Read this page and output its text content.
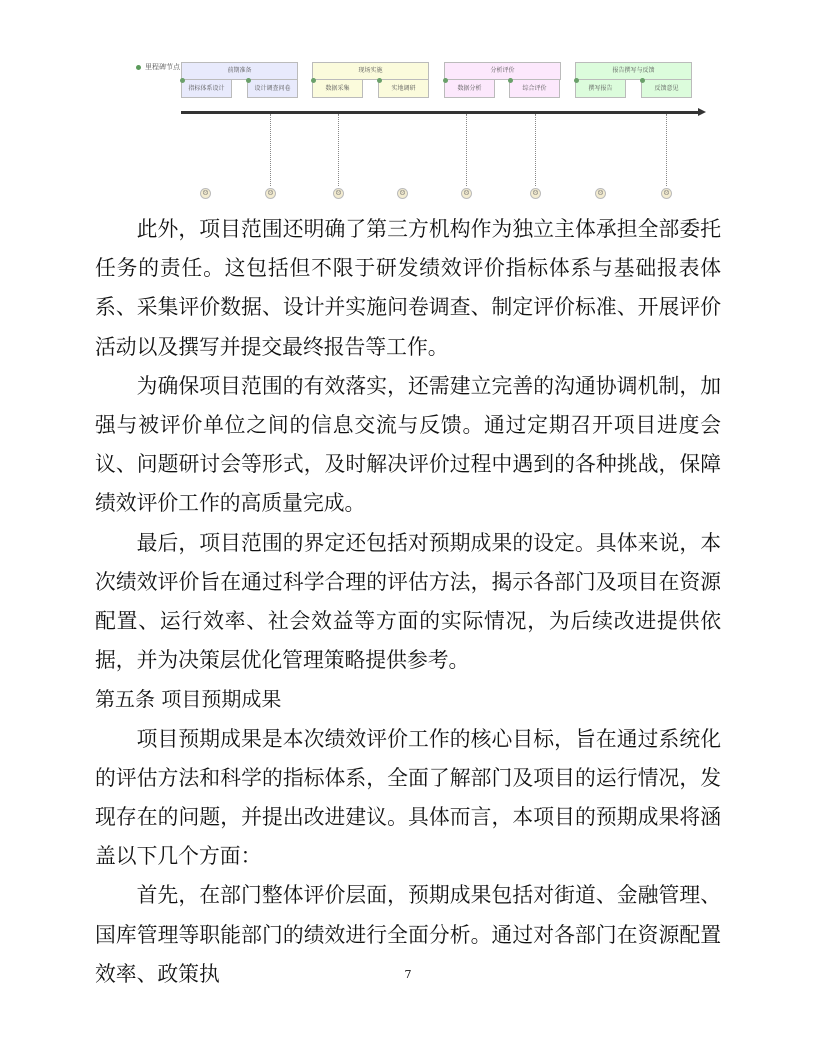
里程碑节点	前期准备
指标体系设计	设计调查问卷
现场实施
数据采集	实地调研
分析评价
数据分析	综合评价
报告撰写与反馈
撰写报告	反馈意见
☹	☹	☹	☹	☹	☹	☹	☹

此外，项目范围还明确了第三方机构作为独立主体承担全部委托任务的责任。这包括但不限于研发绩效评价指标体系与基础报表体系、采集评价数据、设计并实施问卷调查、制定评价标准、开展评价活动以及撰写并提交最终报告等工作。

为确保项目范围的有效落实，还需建立完善的沟通协调机制，加强与被评价单位之间的信息交流与反馈。通过定期召开项目进度会议、问题研讨会等形式，及时解决评价过程中遇到的各种挑战，保障绩效评价工作的高质量完成。

最后，项目范围的界定还包括对预期成果的设定。具体来说，本次绩效评价旨在通过科学合理的评估方法，揭示各部门及项目在资源配置、运行效率、社会效益等方面的实际情况，为后续改进提供依据，并为决策层优化管理策略提供参考。

第五条 项目预期成果

项目预期成果是本次绩效评价工作的核心目标，旨在通过系统化的评估方法和科学的指标体系，全面了解部门及项目的运行情况，发现存在的问题，并提出改进建议。具体而言，本项目的预期成果将涵盖以下几个方面：

首先，在部门整体评价层面，预期成果包括对街道、金融管理、国库管理等职能部门的绩效进行全面分析。通过对各部门在资源配置效率、政策执	7
